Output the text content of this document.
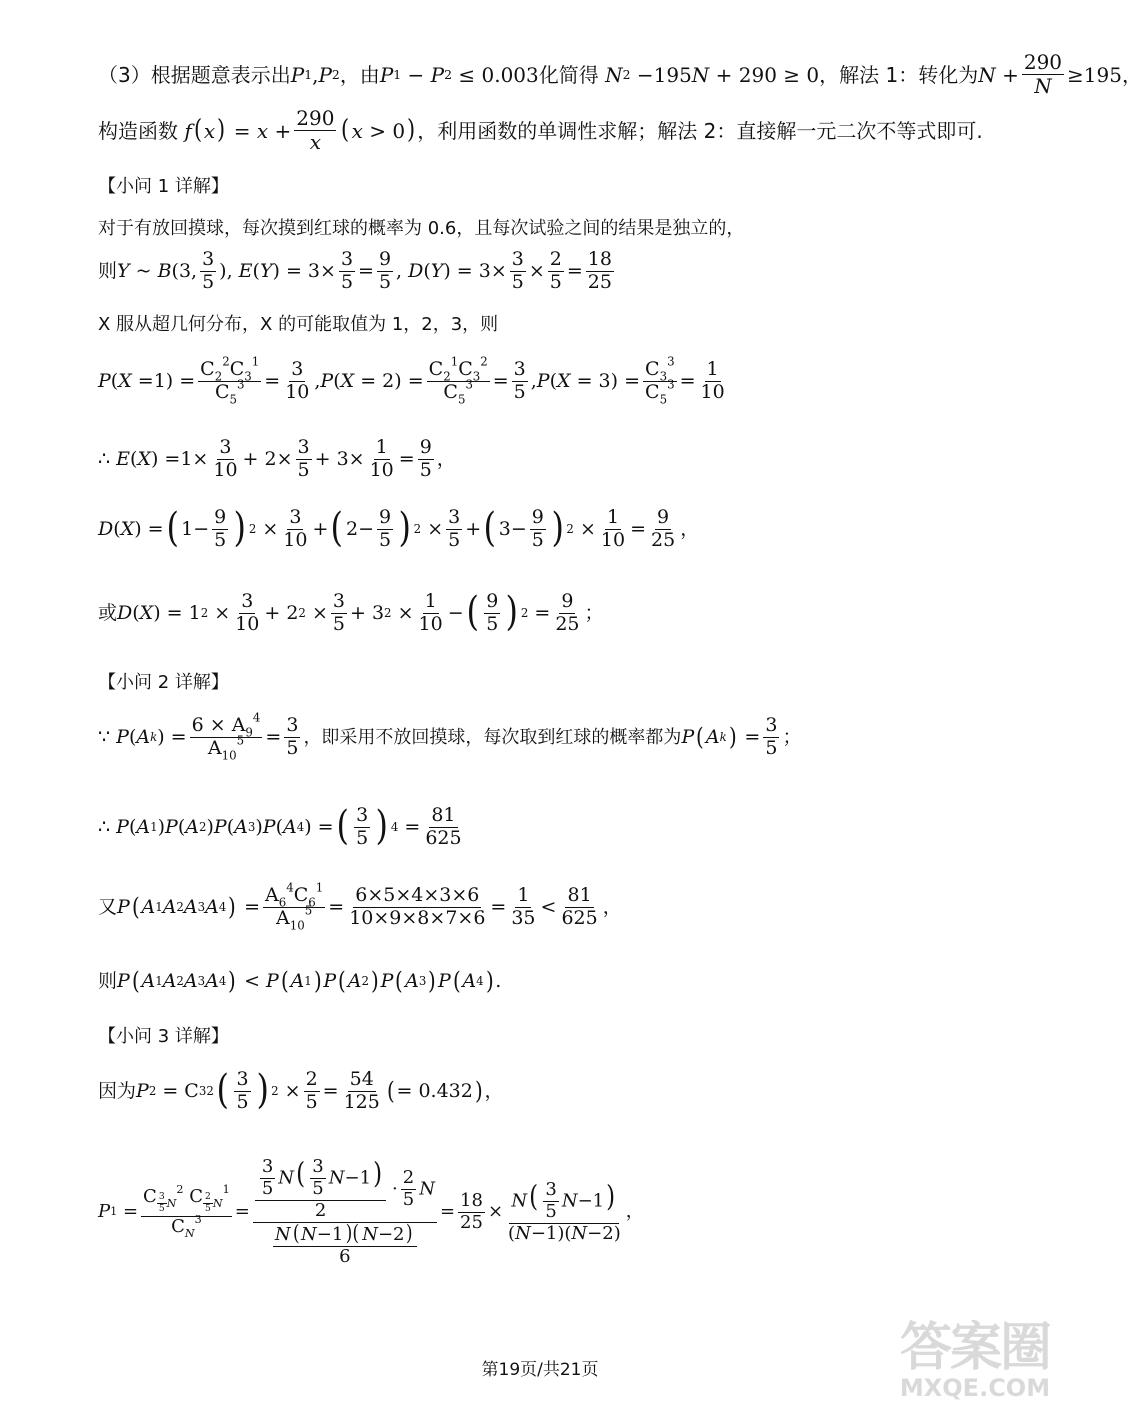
（3）根据题意表示出 P 1 , P 2 ，由 P 1 − P 2 ≤ 0.003 化简得
N 2 −195 N + 290 ≥ 0 ，解法 1：转化为 $N + \frac{290}{N} \ge 195$ ，
构造函数
f ( x ) = $x + \frac{290}{x}$ ( x > 0 ) ，利用函数的单调性求解；解法 2：直接解一元二次不等式即可.
【小问 1 详解】
对于有放回摸球，每次摸到红球的概率为 0.6，且每次试验之间的结果是独立的，
则 Y ~ B (3, $\frac{3}{5}$ ), E ( Y ) = $3\times \frac{3}{5} = \frac{9}{5}$ , D ( Y ) = $3\times \frac{3}{5} \times \frac{2}{5} = \frac{18}{25}$
X 服从超几何分布，X 的可能取值为 1，2，3，则
P ( $X =1) = \frac{C_2^2C_3^1}{C_5^3} = \frac{3}{10}$ , P ( $X = 2) = \frac{C_2^1C_3^2}{C_5^3} = \frac{3}{5}$ , P ( $X = 3) = \frac{C_3^3}{C_5^3} = \frac{1}{10}$
∴ E ( X ) $=1\times \frac{3}{10} + 2\times \frac{3}{5} + 3\times \frac{1}{10} = \frac{9}{5}$ ，
D ( X ) = ( $1- \frac{9}{5}$ ) $2 \times \frac{3}{10}$ + ( $2- \frac{9}{5}$ ) $2 \times \frac{3}{5}$ + ( $3- \frac{9}{5}$ ) $2 \times \frac{1}{10} = \frac{9}{25}$ ，
或 D ( X ) = 1 $2 \times \frac{3}{10} + 2$ $2 \times \frac{3}{5} + 3$ $2 \times \frac{1}{10}$ − ( $\frac{9}{5}$ ) $2 = \frac{9}{25}$ ；
【小问 2 详解】
∵ P ( A k ) = $\frac{6 \times A_9^4}{A_{10}^5} = \frac{3}{5}$ ，即采用不放回摸球，每次取到红球的概率都为 P ( A k ) = $\frac{3}{5}$ ；
∴ P ( A 1 ) P ( A 2 ) P ( A 3 ) P ( A 4 ) = ( $\frac{3}{5}$ ) $4 = \frac{81}{625}$
又 P ( A 1 A 2 A 3 A 4 ) = $\frac{A_6^4C_6^1}{A_{10}^5} = \frac{6\times 5\times 4\times 3\times 6}{10\times 9\times 8\times 7\times 6} = \frac{1}{35} < \frac{81}{625}$ ，
则 P ( A 1 A 2 A 3 A 4 ) < P ( A 1 ) P ( A 2 ) P ( A 3 ) P ( A 4 ) .
【小问 3 详解】
因为 P 2 = C 3 2 ( $\frac{3}{5}$ ) $2 \times \frac{2}{5} = \frac{54}{125}$ ( = 0.432 ) ，
P 1 = C $_{\frac{3}{5} N}^2$ C $_{\frac{2}{5} N}^1$
$C_N^3 = \frac{\frac{\frac{3}{5} N( \frac{3}{5} N-1)}{2} \cdot \frac{2}{5} N}{\frac{N( N-1 )( N-2)}{6}} = \frac{18}{25} \times \frac{N( \frac{3}{5} N-1)}{(N-1)(N-2)}$ ，
第19页/共21页	答案圈
MXQE.COM
